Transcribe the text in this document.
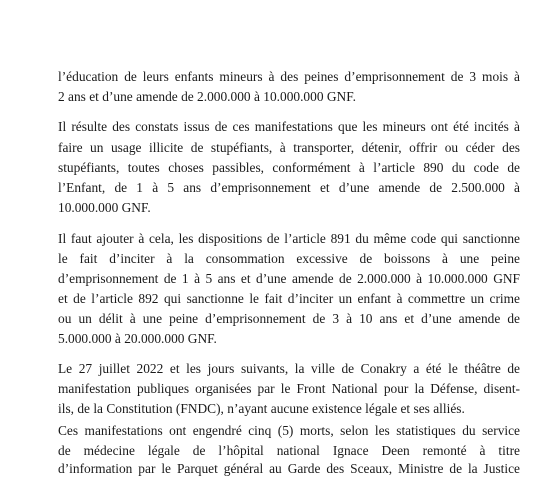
l’éducation de leurs enfants mineurs à des peines d’emprisonnement de 3 mois à
2 ans et d’une amende de 2.000.000 à 10.000.000 GNF.
Il résulte des constats issus de ces manifestations que les mineurs ont été incités à
faire un usage illicite de stupéfiants, à transporter, détenir, offrir ou céder des
stupéfiants, toutes choses passibles, conformément à l’article 890 du code de
l’Enfant, de 1 à 5 ans d’emprisonnement et d’une amende de 2.500.000 à
10.000.000 GNF.
Il faut ajouter à cela, les dispositions de l’article 891 du même code qui sanctionne
le fait d’inciter à la consommation excessive de boissons à une peine
d’emprisonnement de 1 à 5 ans et d’une amende de 2.000.000 à 10.000.000 GNF
et de l’article 892 qui sanctionne le fait d’inciter un enfant à commettre un crime
ou un délit à une peine d’emprisonnement de 3 à 10 ans et d’une amende de
5.000.000 à 20.000.000 GNF.
Le 27 juillet 2022 et les jours suivants, la ville de Conakry a été le théâtre de
manifestation publiques organisées par le Front National pour la Défense, disent-
ils, de la Constitution (FNDC), n’ayant aucune existence légale et ses alliés.
Ces manifestations ont engendré cinq (5) morts, selon les statistiques du service
de médecine légale de l’hôpital national Ignace Deen remonté à titre
d’information par le Parquet général au Garde des Sceaux, Ministre de la Justice
